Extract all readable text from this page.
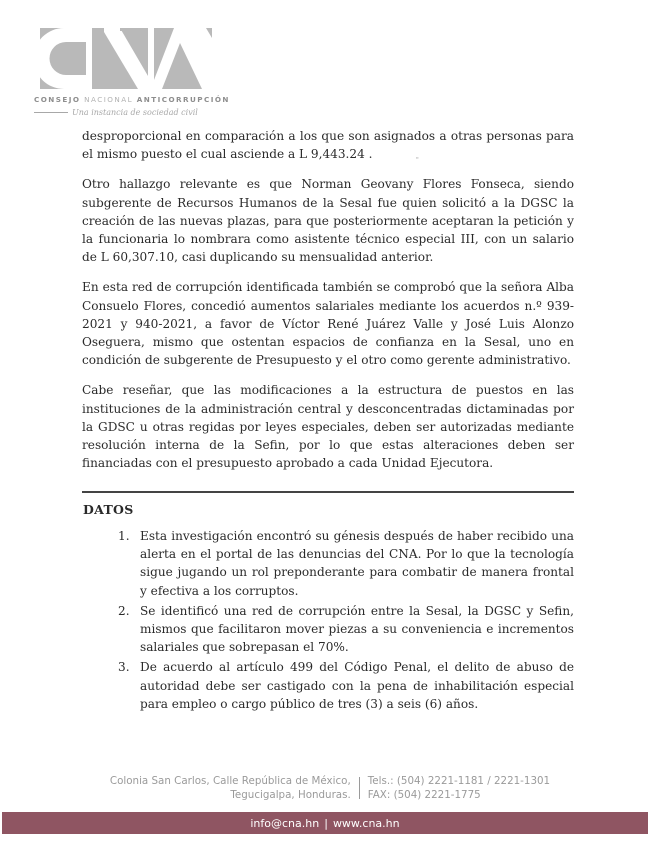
CONSEJO NACIONAL ANTICORRUPCIÓN
Una instancia de sociedad civil

desproporcional en comparación a los que son asignados a otras personas para el mismo puesto el cual asciende a L 9,443.24 .

Otro hallazgo relevante es que Norman Geovany Flores Fonseca, siendo subgerente de Recursos Humanos de la Sesal fue quien solicitó a la DGSC la creación de las nuevas plazas, para que posteriormente aceptaran la petición y la funcionaria lo nombrara como asistente técnico especial III, con un salario de L 60,307.10, casi duplicando su mensualidad anterior.

En esta red de corrupción identificada también se comprobó que la señora Alba Consuelo Flores, concedió aumentos salariales mediante los acuerdos n.º 939-2021 y 940-2021, a favor de Víctor René Juárez Valle y José Luis Alonzo Oseguera, mismo que ostentan espacios de confianza en la Sesal, uno en condición de subgerente de Presupuesto y el otro como gerente administrativo.

Cabe reseñar, que las modificaciones a la estructura de puestos en las instituciones de la administración central y desconcentradas dictaminadas por la GDSC u otras regidas por leyes especiales, deben ser autorizadas mediante resolución interna de la Sefin, por lo que estas alteraciones deben ser financiadas con el presupuesto aprobado a cada Unidad Ejecutora.

"
DATOS
1. Esta investigación encontró su génesis después de haber recibido una alerta en el portal de las denuncias del CNA. Por lo que la tecnología sigue jugando un rol preponderante para combatir de manera frontal y efectiva a los corruptos.
2. Se identificó una red de corrupción entre la Sesal, la DGSC y Sefin, mismos que facilitaron mover piezas a su conveniencia e incrementos salariales que sobrepasan el 70%.
3. De acuerdo al artículo 499 del Código Penal, el delito de abuso de autoridad debe ser castigado con la pena de inhabilitación especial para empleo o cargo público de tres (3) a seis (6) años.
Colonia San Carlos, Calle República de México,
Tegucigalpa, Honduras.
Tels.: (504) 2221-1181 / 2221-1301
FAX: (504) 2221-1775
info@cna.hn | www.cna.hn
